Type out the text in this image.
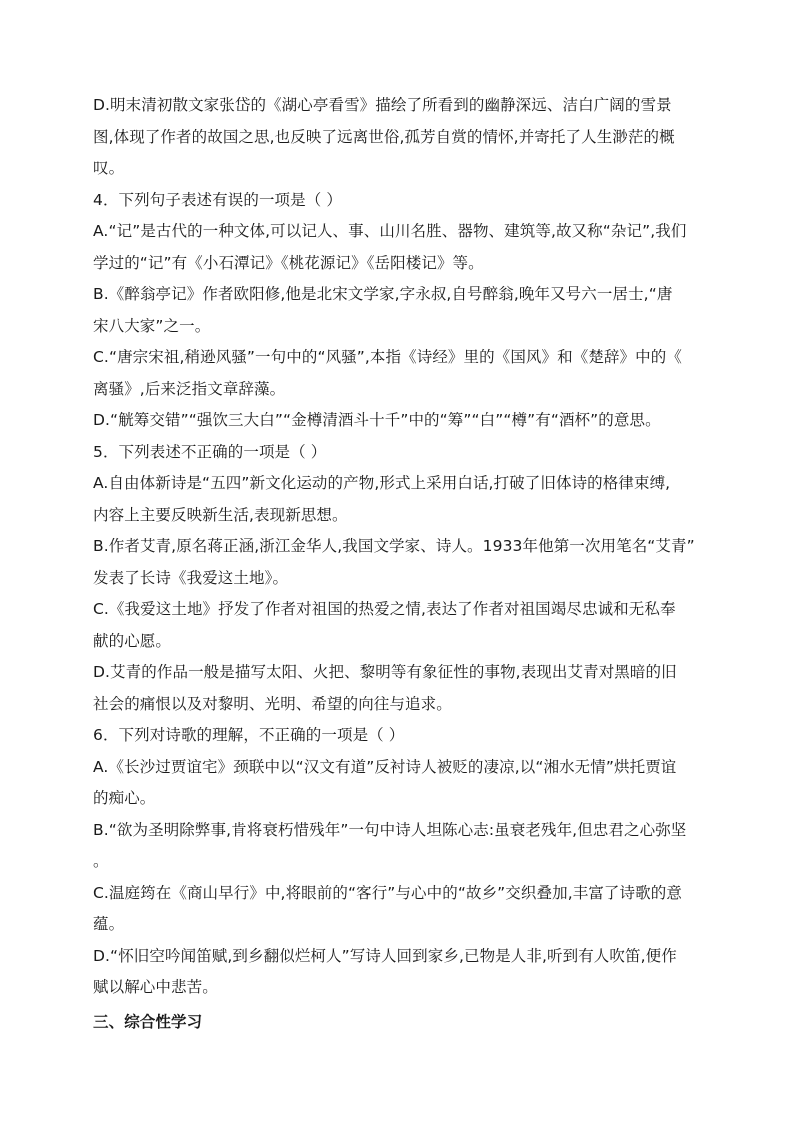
D.明末清初散文家张岱的《湖心亭看雪》描绘了所看到的幽静深远、洁白广阔的雪景
图,体现了作者的故国之思,也反映了远离世俗,孤芳自赏的情怀,并寄托了人生渺茫的概
叹。
4．下列句子表述有误的一项是（ ）
A.“记”是古代的一种文体,可以记人、事、山川名胜、器物、建筑等,故又称“杂记”,我们
学过的“记”有《小石潭记》《桃花源记》《岳阳楼记》等。
B.《醉翁亭记》作者欧阳修,他是北宋文学家,字永叔,自号醉翁,晚年又号六一居士,“唐
宋八大家”之一。
C.“唐宗宋祖,稍逊风骚”一句中的“风骚”,本指《诗经》里的《国风》和《楚辞》中的《
离骚》,后来泛指文章辞藻。
D.“觥筹交错”“强饮三大白”“金樽清酒斗十千”中的“筹”“白”“樽”有“酒杯”的意思。
5．下列表述不正确的一项是（ ）
A.自由体新诗是“五四”新文化运动的产物,形式上采用白话,打破了旧体诗的格律束缚,
内容上主要反映新生活,表现新思想。
B.作者艾青,原名蒋正涵,浙江金华人,我国文学家、诗人。1933年他第一次用笔名“艾青”
发表了长诗《我爱这土地》。
C.《我爱这土地》抒发了作者对祖国的热爱之情,表达了作者对祖国竭尽忠诚和无私奉
献的心愿。
D.艾青的作品一般是描写太阳、火把、黎明等有象征性的事物,表现出艾青对黑暗的旧
社会的痛恨以及对黎明、光明、希望的向往与追求。
6．下列对诗歌的理解，不正确的一项是（ ）
A.《长沙过贾谊宅》颈联中以“汉文有道”反衬诗人被贬的凄凉,以“湘水无情”烘托贾谊
的痴心。
B.“欲为圣明除弊事,肯将衰朽惜残年”一句中诗人坦陈心志:虽衰老残年,但忠君之心弥坚
。
C.温庭筠在《商山早行》中,将眼前的“客行”与心中的“故乡”交织叠加,丰富了诗歌的意
蕴。
D.“怀旧空吟闻笛赋,到乡翻似烂柯人”写诗人回到家乡,已物是人非,听到有人吹笛,便作
赋以解心中悲苦。
三、综合性学习
